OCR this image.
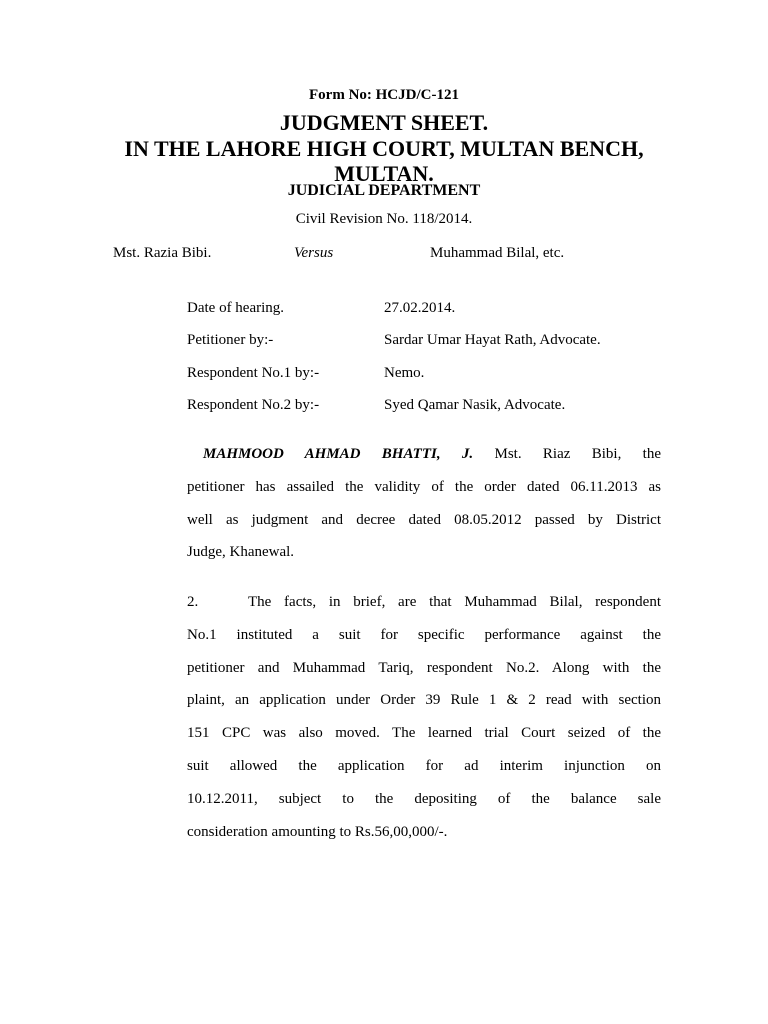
Form No: HCJD/C-121
JUDGMENT SHEET.
IN THE LAHORE HIGH COURT, MULTAN BENCH,
MULTAN.
JUDICIAL DEPARTMENT
Civil Revision No. 118/2014.
Mst. Razia Bibi.	Versus	Muhammad Bilal, etc.
Date of hearing.	27.02.2014.
Petitioner by:-	Sardar Umar Hayat Rath, Advocate.
Respondent No.1 by:-	Nemo.
Respondent No.2 by:-	Syed Qamar Nasik, Advocate.
MAHMOOD AHMAD BHATTI, J. Mst. Riaz Bibi, the
petitioner has assailed the validity of the order dated 06.11.2013 as
well as judgment and decree dated 08.05.2012 passed by District
Judge, Khanewal.
2.	The facts, in brief, are that Muhammad Bilal, respondent
No.1 instituted a suit for specific performance against the
petitioner and Muhammad Tariq, respondent No.2. Along with the
plaint, an application under Order 39 Rule 1 & 2 read with section
151 CPC was also moved. The learned trial Court seized of the
suit allowed the application for ad interim injunction on
10.12.2011, subject to the depositing of the balance sale
consideration amounting to Rs.56,00,000/-.
